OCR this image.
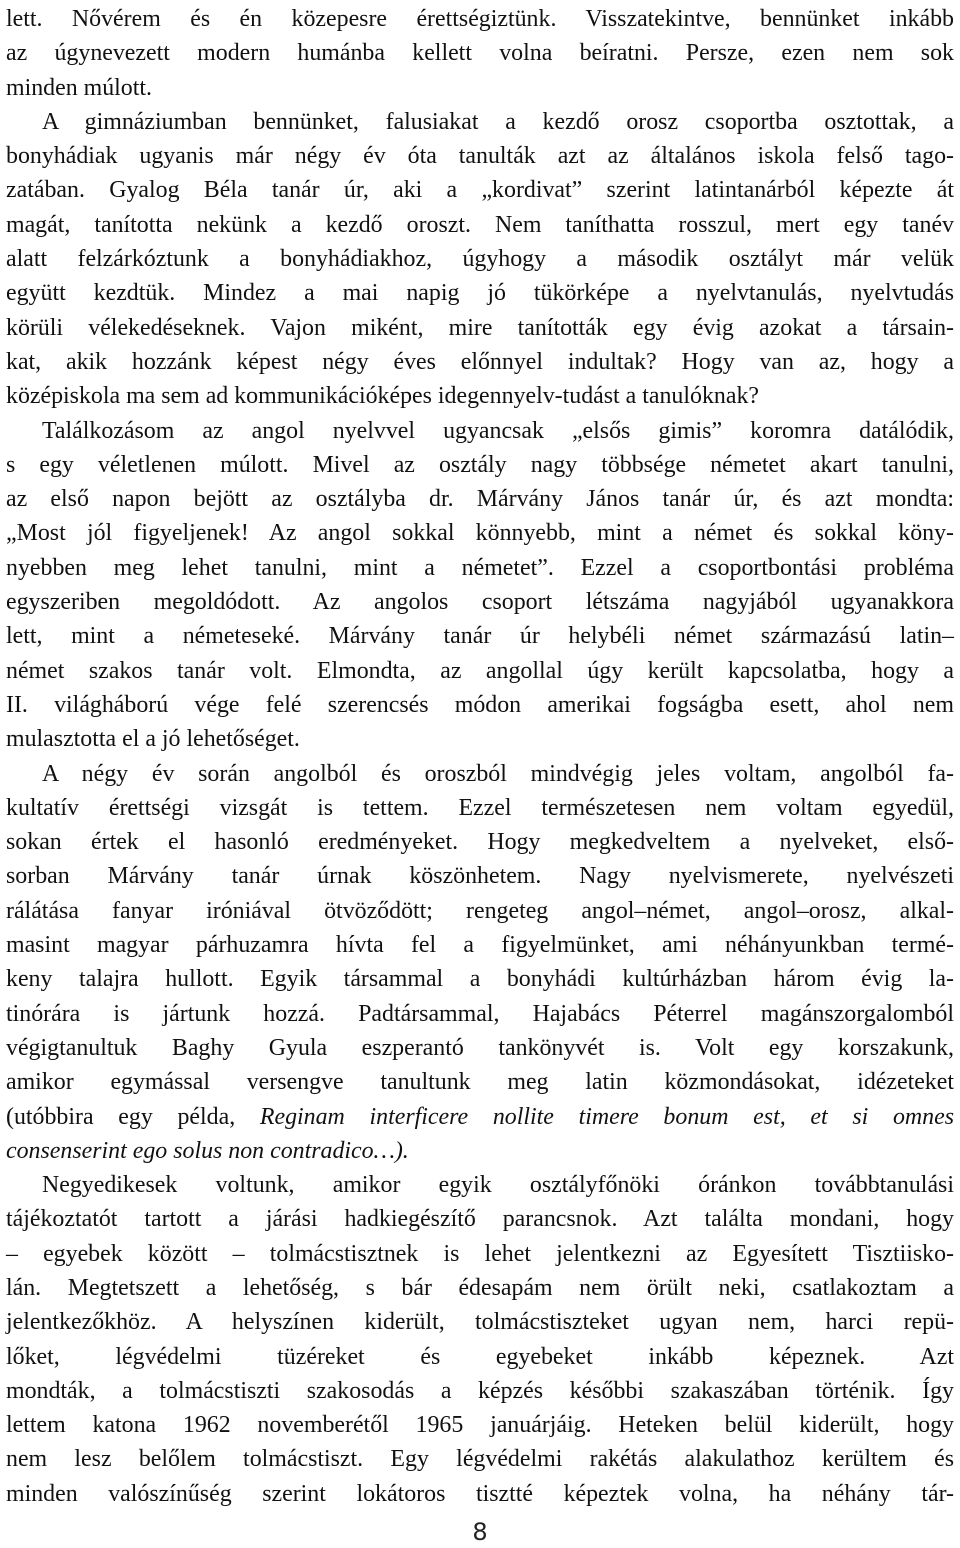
lett. Nővérem és én közepesre érettségiztünk. Visszatekintve, bennünket inkább
az úgynevezett modern humánba kellett volna beíratni. Persze, ezen nem sok
minden múlott.
A gimnáziumban bennünket, falusiakat a kezdő orosz csoportba osztottak, a
bonyhádiak ugyanis már négy év óta tanulták azt az általános iskola felső tago-
zatában. Gyalog Béla tanár úr, aki a „kordivat” szerint latintanárból képezte át
magát, tanította nekünk a kezdő oroszt. Nem taníthatta rosszul, mert egy tanév
alatt felzárkóztunk a bonyhádiakhoz, úgyhogy a második osztályt már velük
együtt kezdtük. Mindez a mai napig jó tükörképe a nyelvtanulás, nyelvtudás
körüli vélekedéseknek. Vajon miként, mire tanították egy évig azokat a társain-
kat, akik hozzánk képest négy éves előnnyel indultak? Hogy van az, hogy a
középiskola ma sem ad kommunikációképes idegennyelv-tudást a tanulóknak?
Találkozásom az angol nyelvvel ugyancsak „elsős gimis” koromra datálódik,
s egy véletlenen múlott. Mivel az osztály nagy többsége németet akart tanulni,
az első napon bejött az osztályba dr. Márvány János tanár úr, és azt mondta:
„Most jól figyeljenek! Az angol sokkal könnyebb, mint a német és sokkal köny-
nyebben meg lehet tanulni, mint a németet”. Ezzel a csoportbontási probléma
egyszeriben megoldódott. Az angolos csoport létszáma nagyjából ugyanakkora
lett, mint a németeseké. Márvány tanár úr helybéli német származású latin–
német szakos tanár volt. Elmondta, az angollal úgy került kapcsolatba, hogy a
II. világháború vége felé szerencsés módon amerikai fogságba esett, ahol nem
mulasztotta el a jó lehetőséget.
A négy év során angolból és oroszból mindvégig jeles voltam, angolból fa-
kultatív érettségi vizsgát is tettem. Ezzel természetesen nem voltam egyedül,
sokan értek el hasonló eredményeket. Hogy megkedveltem a nyelveket, első-
sorban Márvány tanár úrnak köszönhetem. Nagy nyelvismerete, nyelvészeti
rálátása fanyar iróniával ötvöződött; rengeteg angol–német, angol–orosz, alkal-
masint magyar párhuzamra hívta fel a figyelmünket, ami néhányunkban termé-
keny talajra hullott. Egyik társammal a bonyhádi kultúrházban három évig la-
tinórára is jártunk hozzá. Padtársammal, Hajabács Péterrel magánszorgalomból
végigtanultuk Baghy Gyula eszperantó tankönyvét is. Volt egy korszakunk,
amikor egymással versengve tanultunk meg latin közmondásokat, idézeteket
(utóbbira egy példa, Reginam interficere nollite timere bonum est, et si omnes
consenserint ego solus non contradico…).
Negyedikesek voltunk, amikor egyik osztályfőnöki óránkon továbbtanulási
tájékoztatót tartott a járási hadkiegészítő parancsnok. Azt találta mondani, hogy
– egyebek között – tolmácstisztnek is lehet jelentkezni az Egyesített Tisztiisko-
lán. Megtetszett a lehetőség, s bár édesapám nem örült neki, csatlakoztam a
jelentkezőkhöz. A helyszínen kiderült, tolmácstiszteket ugyan nem, harci repü-
lőket, légvédelmi tüzéreket és egyebeket inkább képeznek. Azt
mondták, a tolmácstiszti szakosodás a képzés későbbi szakaszában történik. Így
lettem katona 1962 novemberétől 1965 januárjáig. Heteken belül kiderült, hogy
nem lesz belőlem tolmácstiszt. Egy légvédelmi rakétás alakulathoz kerültem és
minden valószínűség szerint lokátoros tisztté képeztek volna, ha néhány tár-
8
